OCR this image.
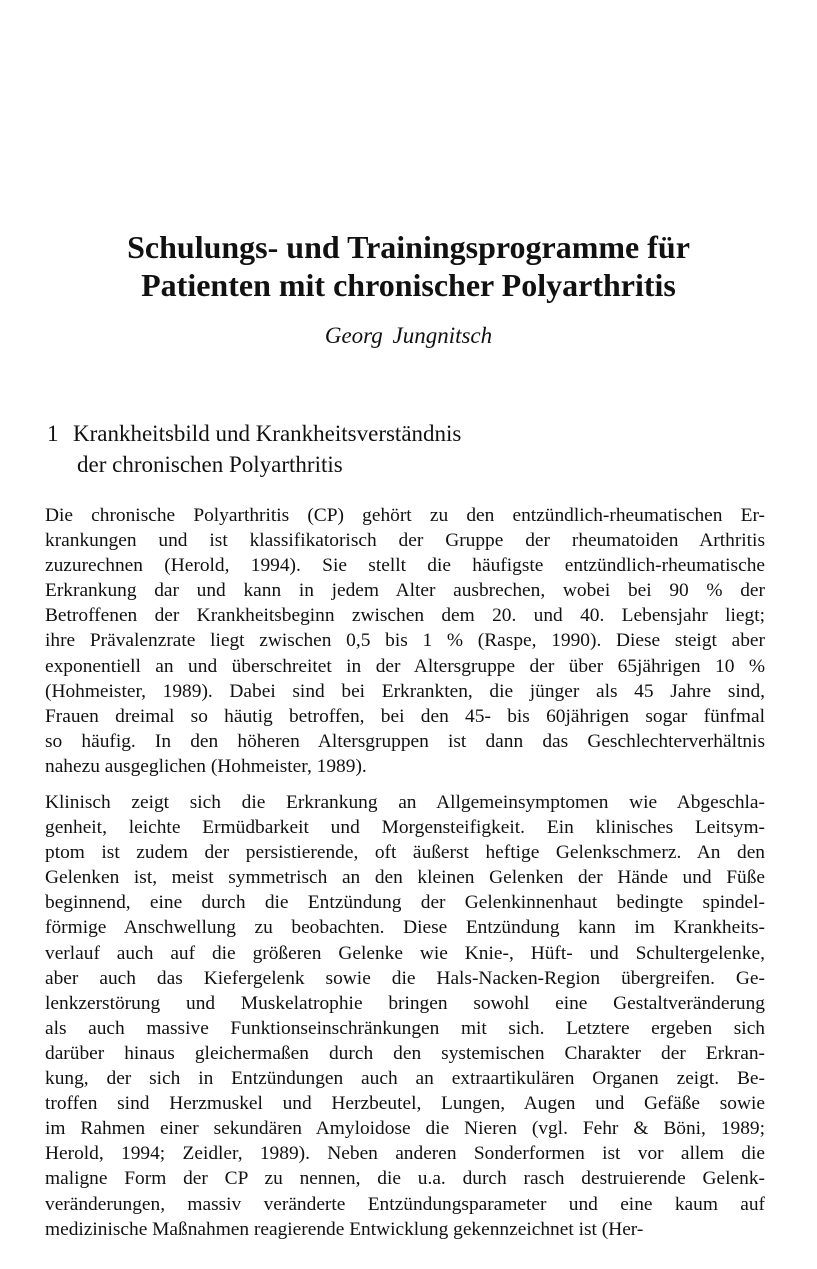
Schulungs- und Trainingsprogramme für
Patienten mit chronischer Polyarthritis

Georg Jungnitsch

1 Krankheitsbild und Krankheitsverständnis
der chronischen Polyarthritis
Die chronische Polyarthritis (CP) gehört zu den entzündlich-rheumatischen Er-
krankungen und ist klassifikatorisch der Gruppe der rheumatoiden Arthritis
zuzurechnen (Herold, 1994). Sie stellt die häufigste entzündlich-rheumatische
Erkrankung dar und kann in jedem Alter ausbrechen, wobei bei 90 % der
Betroffenen der Krankheitsbeginn zwischen dem 20. und 40. Lebensjahr liegt;
ihre Prävalenzrate liegt zwischen 0,5 bis 1 % (Raspe, 1990). Diese steigt aber
exponentiell an und überschreitet in der Altersgruppe der über 65jährigen 10 %
(Hohmeister, 1989). Dabei sind bei Erkrankten, die jünger als 45 Jahre sind,
Frauen dreimal so häutig betroffen, bei den 45- bis 60jährigen sogar fünfmal
so häufig. In den höheren Altersgruppen ist dann das Geschlechterverhältnis
nahezu ausgeglichen (Hohmeister, 1989).
Klinisch zeigt sich die Erkrankung an Allgemeinsymptomen wie Abgeschla-
genheit, leichte Ermüdbarkeit und Morgensteifigkeit. Ein klinisches Leitsym-
ptom ist zudem der persistierende, oft äußerst heftige Gelenkschmerz. An den
Gelenken ist, meist symmetrisch an den kleinen Gelenken der Hände und Füße
beginnend, eine durch die Entzündung der Gelenkinnenhaut bedingte spindel-
förmige Anschwellung zu beobachten. Diese Entzündung kann im Krankheits-
verlauf auch auf die größeren Gelenke wie Knie-, Hüft- und Schultergelenke,
aber auch das Kiefergelenk sowie die Hals-Nacken-Region übergreifen. Ge-
lenkzerstörung und Muskelatrophie bringen sowohl eine Gestaltveränderung
als auch massive Funktionseinschränkungen mit sich. Letztere ergeben sich
darüber hinaus gleichermaßen durch den systemischen Charakter der Erkran-
kung, der sich in Entzündungen auch an extraartikulären Organen zeigt. Be-
troffen sind Herzmuskel und Herzbeutel, Lungen, Augen und Gefäße sowie
im Rahmen einer sekundären Amyloidose die Nieren (vgl. Fehr & Böni, 1989;
Herold, 1994; Zeidler, 1989). Neben anderen Sonderformen ist vor allem die
maligne Form der CP zu nennen, die u.a. durch rasch destruierende Gelenk-
veränderungen, massiv veränderte Entzündungsparameter und eine kaum auf
medizinische Maßnahmen reagierende Entwicklung gekennzeichnet ist (Her-
